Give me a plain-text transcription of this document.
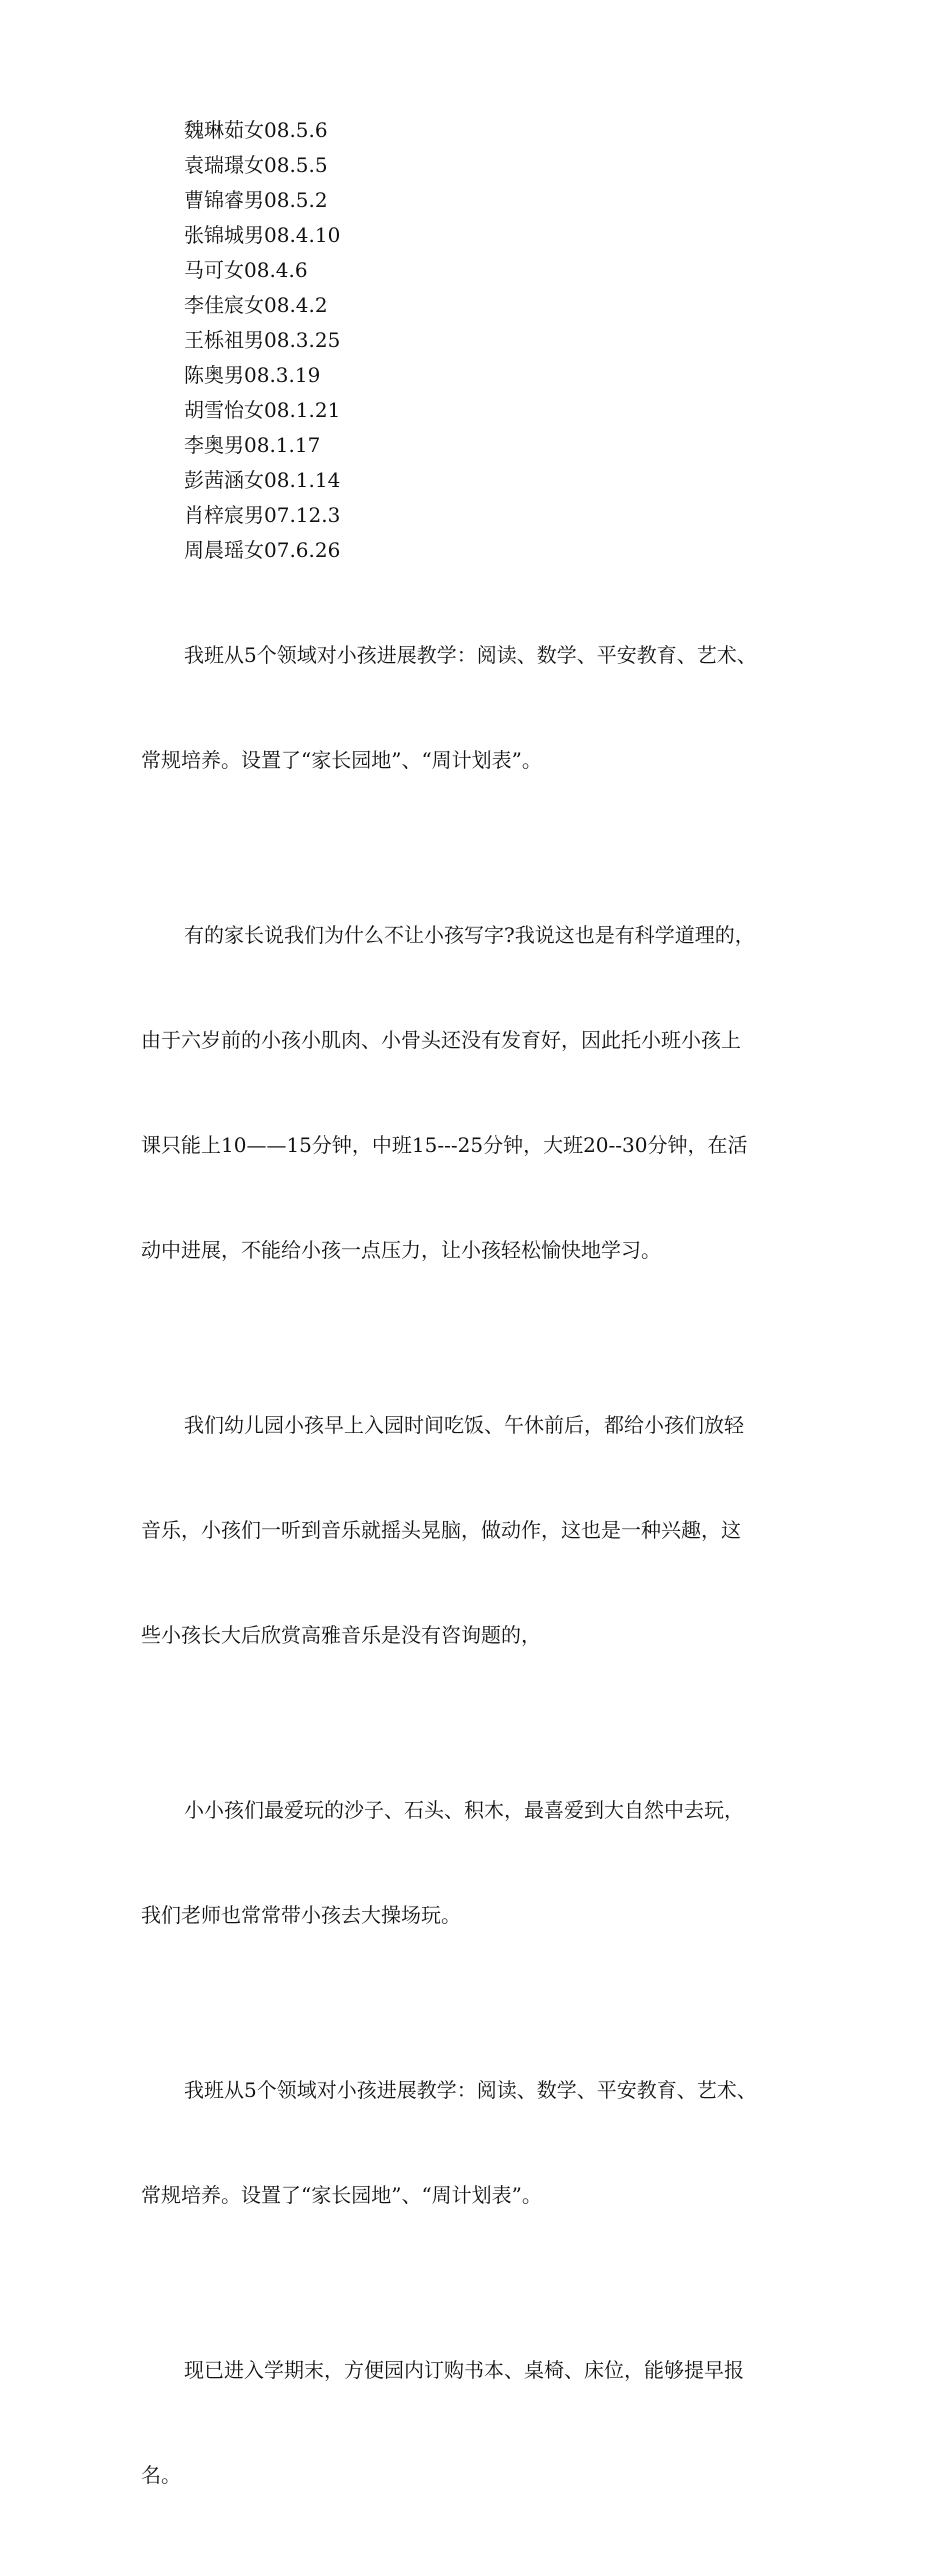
魏琳茹女08.5.6
袁瑞璟女08.5.5
曹锦睿男08.5.2
张锦城男08.4.10
马可女08.4.6
李佳宸女08.4.2
王栎祖男08.3.25
陈奥男08.3.19
胡雪怡女08.1.21
李奥男08.1.17
彭茜涵女08.1.14
肖梓宸男07.12.3
周晨瑶女07.6.26

我班从5个领域对小孩进展教学：阅读、数学、平安教育、艺术、

常规培养。设置了“家长园地”、“周计划表”。

有的家长说我们为什么不让小孩写字?我说这也是有科学道理的，

由于六岁前的小孩小肌肉、小骨头还没有发育好，因此托小班小孩上

课只能上10——15分钟，中班15---25分钟，大班20--30分钟，在活

动中进展，不能给小孩一点压力，让小孩轻松愉快地学习。

我们幼儿园小孩早上入园时间吃饭、午休前后，都给小孩们放轻

音乐，小孩们一听到音乐就摇头晃脑，做动作，这也是一种兴趣，这

些小孩长大后欣赏高雅音乐是没有咨询题的，

小小孩们最爱玩的沙子、石头、积木，最喜爱到大自然中去玩，

我们老师也常常带小孩去大操场玩。

我班从5个领域对小孩进展教学：阅读、数学、平安教育、艺术、

常规培养。设置了“家长园地”、“周计划表”。

现已进入学期末，方便园内订购书本、桌椅、床位，能够提早报

名。
